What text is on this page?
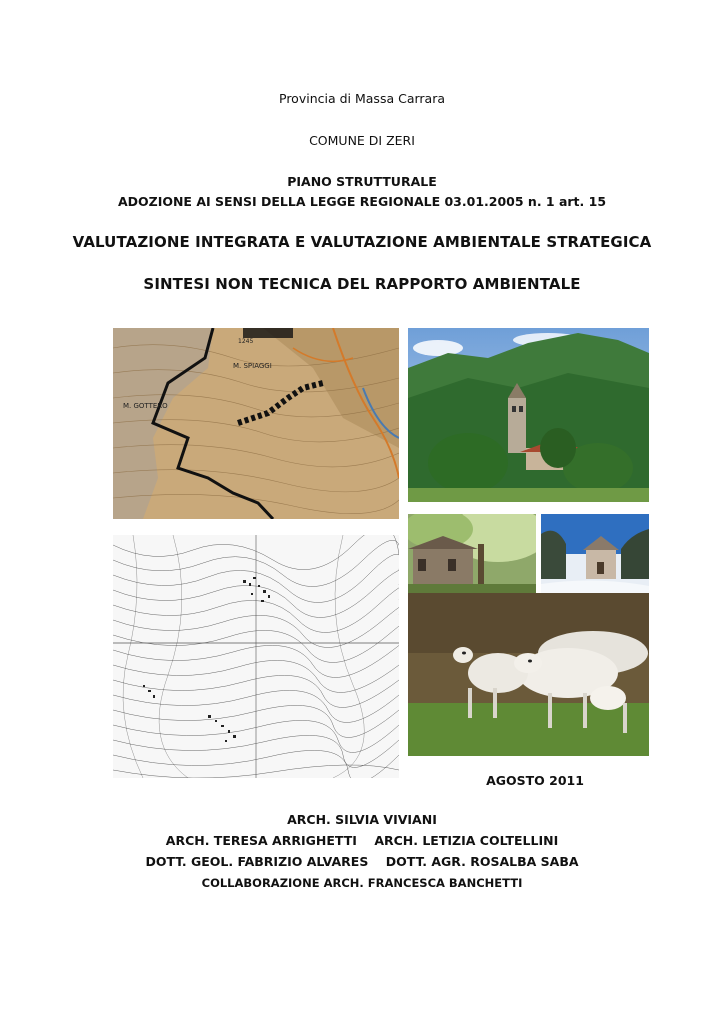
Provincia di Massa Carrara
COMUNE DI ZERI
PIANO STRUTTURALE
ADOZIONE AI SENSI DELLA LEGGE REGIONALE 03.01.2005 n. 1 art. 15
VALUTAZIONE INTEGRATA E VALUTAZIONE AMBIENTALE STRATEGICA
SINTESI NON TECNICA DEL RAPPORTO AMBIENTALE
M. SPIAGGI
M. GOTTERO
1245
AGOSTO 2011
ARCH. SILVIA VIVIANI
ARCH. TERESA ARRIGHETTI ARCH. LETIZIA COLTELLINI
DOTT. GEOL. FABRIZIO ALVARES DOTT. AGR. ROSALBA SABA
COLLABORAZIONE ARCH. FRANCESCA BANCHETTI
